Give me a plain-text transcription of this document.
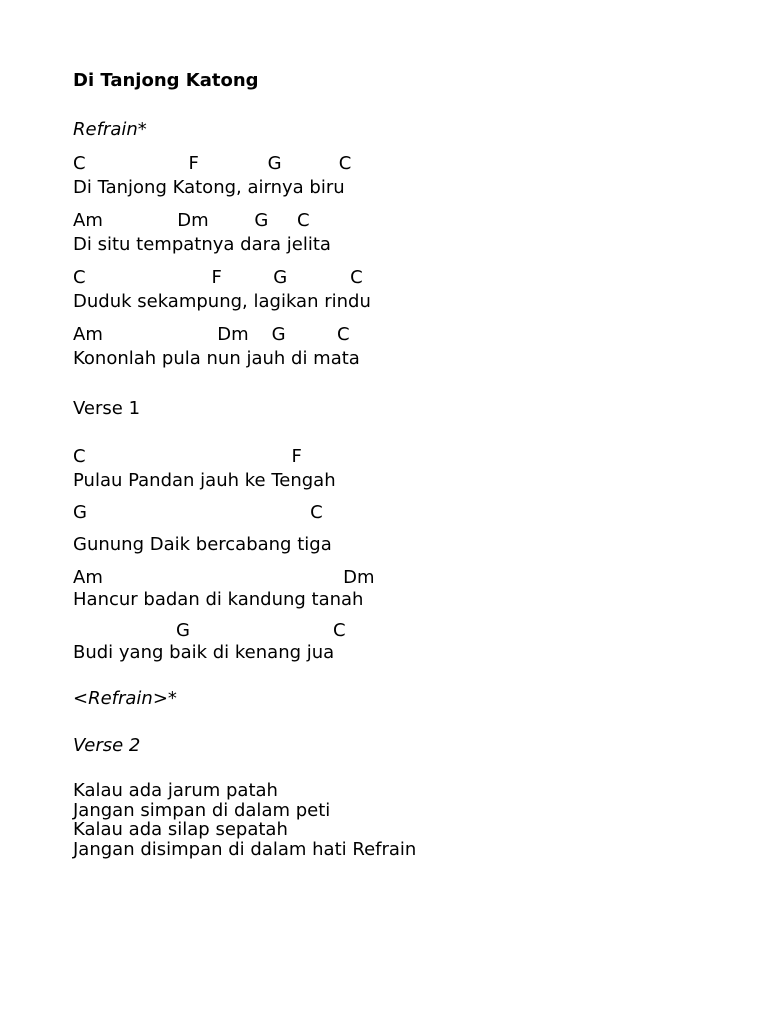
Di Tanjong Katong
Refrain*
C                  F            G          C
Di Tanjong Katong, airnya biru
Am             Dm        G     C
Di situ tempatnya dara jelita
C                      F         G           C
Duduk sekampung, lagikan rindu
Am                    Dm    G         C
Kononlah pula nun jauh di mata
Verse 1
C                                    F
Pulau Pandan jauh ke Tengah
G                                       C
Gunung Daik bercabang tiga
Am                                          Dm
Hancur badan di kandung tanah
G                         C
Budi yang baik di kenang jua
<Refrain>*
Verse 2
Kalau ada jarum patah
Jangan simpan di dalam peti
Kalau ada silap sepatah
Jangan disimpan di dalam hati Refrain
